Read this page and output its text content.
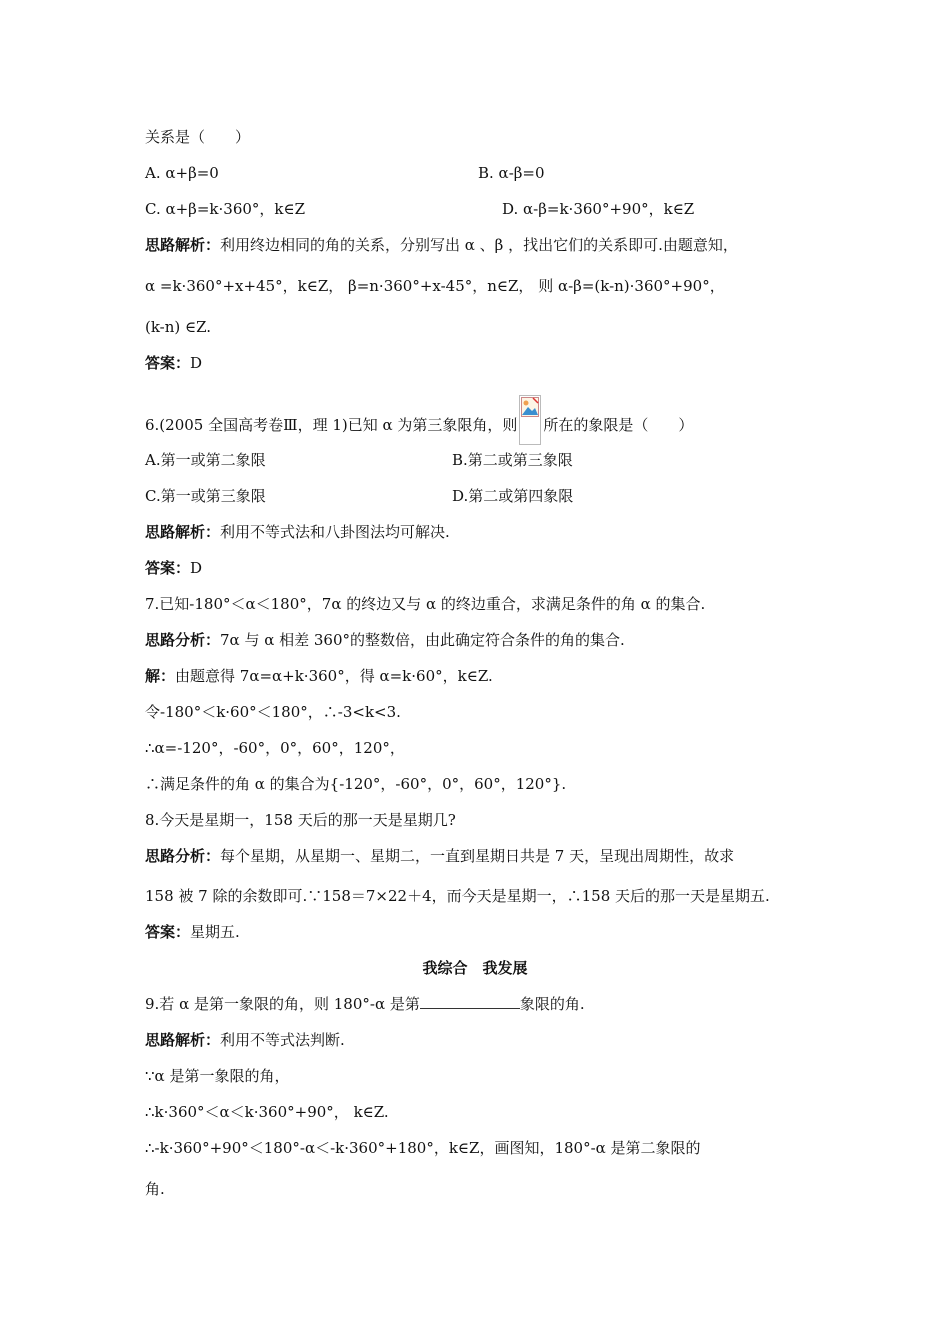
关系是（　　）
A. α+β=0	B. α-β=0
C. α+β=k·360°，k∈Z	D. α-β=k·360°+90°，k∈Z
思路解析：利用终边相同的角的关系，分别写出 α 、β ，找出它们的关系即可.由题意知，
α =k·360°+x+45°，k∈Z， β=n·360°+x-45°，n∈Z， 则 α-β=(k-n)·360°+90°，
(k-n) ∈Z.
答案：D
6.(2005 全国高考卷Ⅲ，理 1)已知 α 为第三象限角，则 所在的象限是（　　）
A.第一或第二象限	B.第二或第三象限
C.第一或第三象限	D.第二或第四象限
思路解析：利用不等式法和八卦图法均可解决.
答案：D
7.已知-180°＜α＜180°，7α 的终边又与 α 的终边重合，求满足条件的角 α 的集合.
思路分析：7α 与 α 相差 360°的整数倍，由此确定符合条件的角的集合.
解：由题意得 7α=α+k·360°，得 α=k·60°，k∈Z.
令-180°＜k·60°＜180°，∴-3<k<3.
∴α=-120°，-60°，0°，60°，120°，
∴满足条件的角 α 的集合为{-120°，-60°，0°，60°，120°}.
8.今天是星期一，158 天后的那一天是星期几?
思路分析：每个星期，从星期一、星期二，一直到星期日共是 7 天，呈现出周期性，故求
158 被 7 除的余数即可.∵158＝7×22＋4，而今天是星期一，∴158 天后的那一天是星期五.
答案：星期五.
我综合　我发展
9.若 α 是第一象限的角，则 180°-α 是第	象限的角.
思路解析：利用不等式法判断.
∵α 是第一象限的角，
∴k·360°＜α＜k·360°+90°， k∈Z.
∴-k·360°+90°＜180°-α＜-k·360°+180°，k∈Z，画图知，180°-α 是第二象限的
角.
